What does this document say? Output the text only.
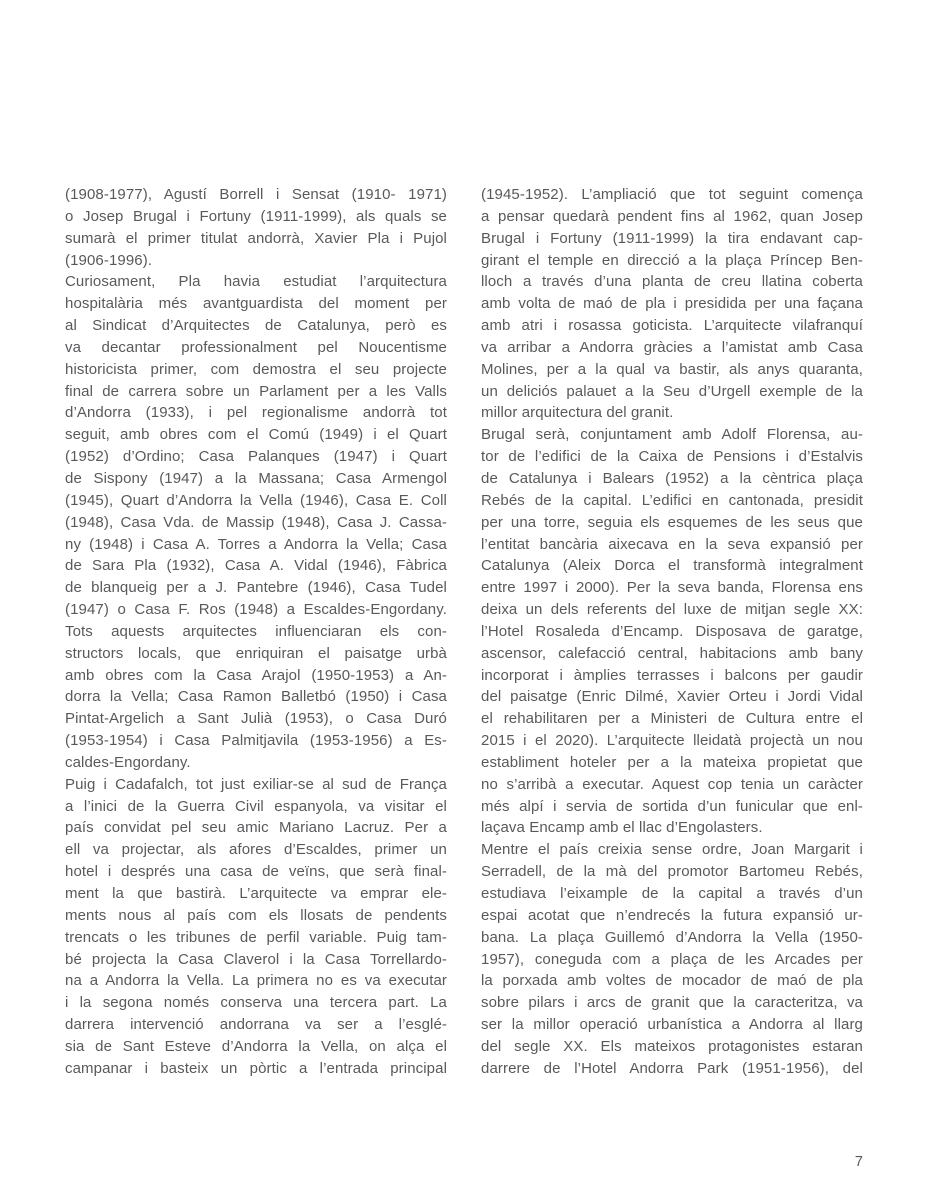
(1908-1977), Agustí Borrell i Sensat (1910- 1971)
o Josep Brugal i Fortuny (1911-1999), als quals se
sumarà el primer titulat andorrà, Xavier Pla i Pujol
(1906-1996).
Curiosament, Pla havia estudiat l’arquitectura
hospitalària més avantguardista del moment per
al Sindicat d’Arquitectes de Catalunya, però es
va decantar professionalment pel Noucentisme
historicista primer, com demostra el seu projecte
final de carrera sobre un Parlament per a les Valls
d’Andorra (1933), i pel regionalisme andorrà tot
seguit, amb obres com el Comú (1949) i el Quart
(1952) d’Ordino; Casa Palanques (1947) i Quart
de Sispony (1947) a la Massana; Casa Armengol
(1945), Quart d’Andorra la Vella (1946), Casa E. Coll
(1948), Casa Vda. de Massip (1948), Casa J. Cassa-
ny (1948) i Casa A. Torres a Andorra la Vella; Casa
de Sara Pla (1932), Casa A. Vidal (1946), Fàbrica
de blanqueig per a J. Pantebre (1946), Casa Tudel
(1947) o Casa F. Ros (1948) a Escaldes-Engordany.
Tots aquests arquitectes influenciaran els con-
structors locals, que enriquiran el paisatge urbà
amb obres com la Casa Arajol (1950-1953) a An-
dorra la Vella; Casa Ramon Balletbó (1950) i Casa
Pintat-Argelich a Sant Julià (1953), o Casa Duró
(1953-1954) i Casa Palmitjavila (1953-1956) a Es-
caldes-Engordany.
Puig i Cadafalch, tot just exiliar-se al sud de França
a l’inici de la Guerra Civil espanyola, va visitar el
país convidat pel seu amic Mariano Lacruz. Per a
ell va projectar, als afores d’Escaldes, primer un
hotel i després una casa de veïns, que serà final-
ment la que bastirà. L’arquitecte va emprar ele-
ments nous al país com els llosats de pendents
trencats o les tribunes de perfil variable. Puig tam-
bé projecta la Casa Claverol i la Casa Torrellardo-
na a Andorra la Vella. La primera no es va executar
i la segona només conserva una tercera part. La
darrera intervenció andorrana va ser a l’esglé-
sia de Sant Esteve d’Andorra la Vella, on alça el
campanar i basteix un pòrtic a l’entrada principal
(1945-1952). L’ampliació que tot seguint comença
a pensar quedarà pendent fins al 1962, quan Josep
Brugal i Fortuny (1911-1999) la tira endavant cap-
girant el temple en direcció a la plaça Príncep Ben-
lloch a través d’una planta de creu llatina coberta
amb volta de maó de pla i presidida per una façana
amb atri i rosassa goticista. L’arquitecte vilafranquí
va arribar a Andorra gràcies a l’amistat amb Casa
Molines, per a la qual va bastir, als anys quaranta,
un deliciós palauet a la Seu d’Urgell exemple de la
millor arquitectura del granit.
Brugal serà, conjuntament amb Adolf Florensa, au-
tor de l’edifici de la Caixa de Pensions i d’Estalvis
de Catalunya i Balears (1952) a la cèntrica plaça
Rebés de la capital. L’edifici en cantonada, presidit
per una torre, seguia els esquemes de les seus que
l’entitat bancària aixecava en la seva expansió per
Catalunya (Aleix Dorca el transformà integralment
entre 1997 i 2000). Per la seva banda, Florensa ens
deixa un dels referents del luxe de mitjan segle XX:
l’Hotel Rosaleda d’Encamp. Disposava de garatge,
ascensor, calefacció central, habitacions amb bany
incorporat i àmplies terrasses i balcons per gaudir
del paisatge (Enric Dilmé, Xavier Orteu i Jordi Vidal
el rehabilitaren per a Ministeri de Cultura entre el
2015 i el 2020). L’arquitecte lleidatà projectà un nou
establiment hoteler per a la mateixa propietat que
no s’arribà a executar. Aquest cop tenia un caràcter
més alpí i servia de sortida d’un funicular que enl-
laçava Encamp amb el llac d’Engolasters.
Mentre el país creixia sense ordre, Joan Margarit i
Serradell, de la mà del promotor Bartomeu Rebés,
estudiava l’eixample de la capital a través d’un
espai acotat que n’endrecés la futura expansió ur-
bana. La plaça Guillemó d’Andorra la Vella (1950-
1957), coneguda com a plaça de les Arcades per
la porxada amb voltes de mocador de maó de pla
sobre pilars i arcs de granit que la caracteritza, va
ser la millor operació urbanística a Andorra al llarg
del segle XX. Els mateixos protagonistes estaran
darrere de l’Hotel Andorra Park (1951-1956), del
7
